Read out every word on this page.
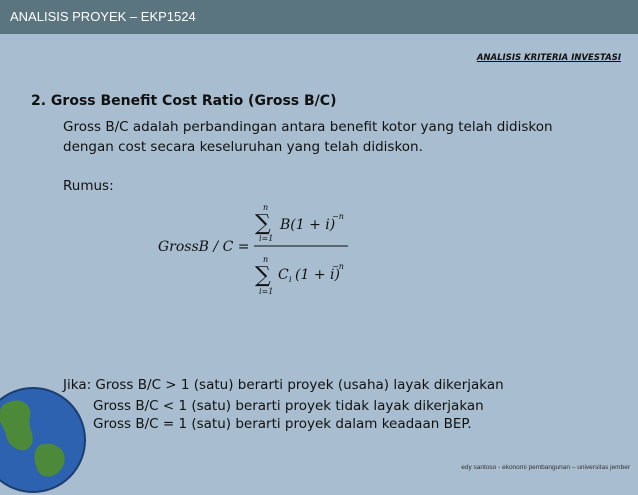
ANALISIS PROYEK – EKP1524
ANALISIS KRITERIA INVESTASI
2. Gross Benefit Cost Ratio (Gross B/C)
Gross B/C adalah perbandingan antara benefit kotor yang telah didiskon
dengan cost secara keseluruhan yang telah didiskon.
Rumus:
GrossB / C =
n
∑
i=1
B(1 + i)
−n
n
∑
i=1
C i (1 + i)
−n
Jika: Gross B/C > 1 (satu) berarti proyek (usaha) layak dikerjakan
Gross B/C < 1 (satu) berarti proyek tidak layak dikerjakan
Gross B/C = 1 (satu) berarti proyek dalam keadaan BEP.
edy santoso - ekonomi pembangunan – universitas jember
